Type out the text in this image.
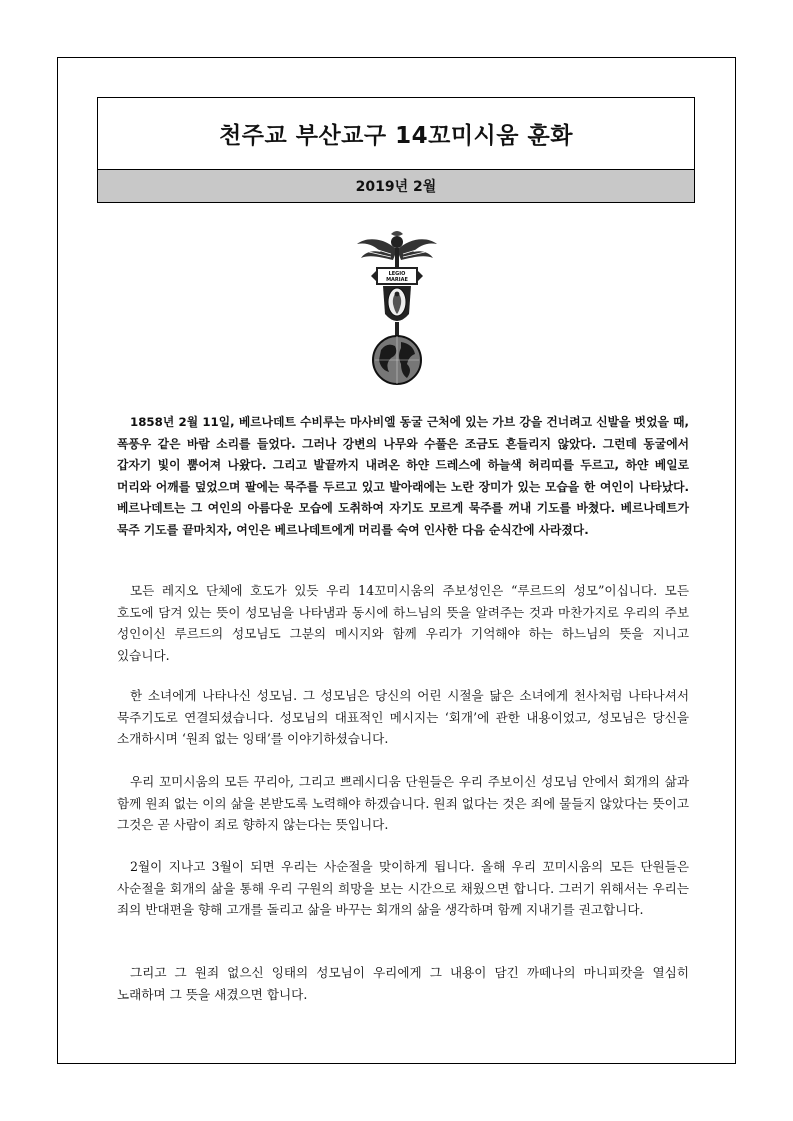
천주교 부산교구 14꼬미시움 훈화
2019년 2월
LEGIO
MARIAE

1858년 2월 11일, 베르나데트 수비루는 마사비엘 동굴 근처에 있는 가브 강을 건너려고 신발을 벗었을 때, 폭풍우 같은 바람 소리를 들었다. 그러나 강변의 나무와 수풀은 조금도 흔들리지 않았다. 그런데 동굴에서 갑자기 빛이 뿜어져 나왔다. 그리고 발끝까지 내려온 하얀 드레스에 하늘색 허리띠를 두르고, 하얀 베일로 머리와 어깨를 덮었으며 팔에는 묵주를 두르고 있고 발아래에는 노란 장미가 있는 모습을 한 여인이 나타났다. 베르나데트는 그 여인의 아름다운 모습에 도취하여 자기도 모르게 묵주를 꺼내 기도를 바쳤다. 베르나데트가 묵주 기도를 끝마치자, 여인은 베르나데트에게 머리를 숙여 인사한 다음 순식간에 사라졌다.

모든 레지오 단체에 호도가 있듯 우리 14꼬미시움의 주보성인은 “루르드의 성모”이십니다. 모든 호도에 담겨 있는 뜻이 성모님을 나타냄과 동시에 하느님의 뜻을 알려주는 것과 마찬가지로 우리의 주보 성인이신 루르드의 성모님도 그분의 메시지와 함께 우리가 기억해야 하는 하느님의 뜻을 지니고 있습니다.

한 소녀에게 나타나신 성모님. 그 성모님은 당신의 어린 시절을 닮은 소녀에게 천사처럼 나타나셔서 묵주기도로 연결되셨습니다. 성모님의 대표적인 메시지는 ‘회개’에 관한 내용이었고, 성모님은 당신을 소개하시며 ‘원죄 없는 잉태’를 이야기하셨습니다.

우리 꼬미시움의 모든 꾸리아, 그리고 쁘레시디움 단원들은 우리 주보이신 성모님 안에서 회개의 삶과 함께 원죄 없는 이의 삶을 본받도록 노력해야 하겠습니다. 원죄 없다는 것은 죄에 물들지 않았다는 뜻이고 그것은 곧 사람이 죄로 향하지 않는다는 뜻입니다.

2월이 지나고 3월이 되면 우리는 사순절을 맞이하게 됩니다. 올해 우리 꼬미시움의 모든 단원들은 사순절을 회개의 삶을 통해 우리 구원의 희망을 보는 시간으로 채웠으면 합니다. 그러기 위해서는 우리는 죄의 반대편을 향해 고개를 돌리고 삶을 바꾸는 회개의 삶을 생각하며 함께 지내기를 권고합니다.

그리고 그 원죄 없으신 잉태의 성모님이 우리에게 그 내용이 담긴 까떼나의 마니피캇을 열심히 노래하며 그 뜻을 새겼으면 합니다.
